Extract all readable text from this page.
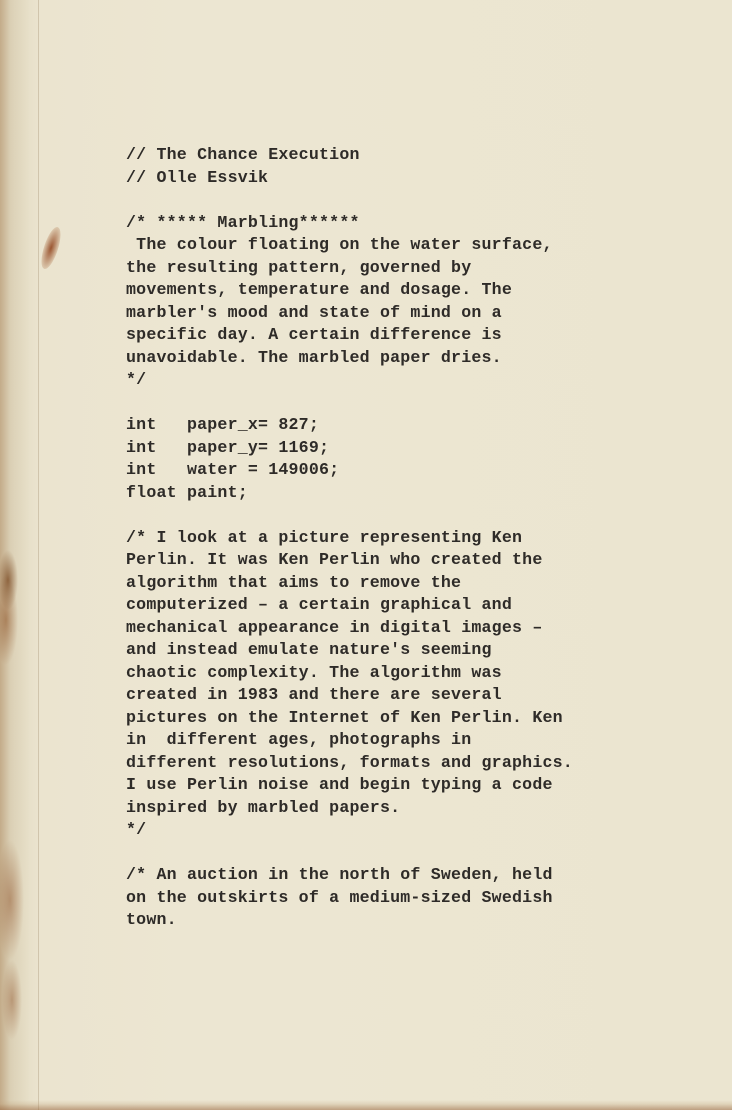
// The Chance Execution
// Olle Essvik
/* ***** Marbling******
The colour floating on the water surface,
the resulting pattern, governed by
movements, temperature and dosage. The
marbler's mood and state of mind on a
specific day. A certain difference is
unavoidable. The marbled paper dries.
*/
int   paper_x= 827;
int   paper_y= 1169;
int   water = 149006;
float paint;
/* I look at a picture representing Ken
Perlin. It was Ken Perlin who created the
algorithm that aims to remove the
computerized – a certain graphical and
mechanical appearance in digital images –
and instead emulate nature's seeming
chaotic complexity. The algorithm was
created in 1983 and there are several
pictures on the Internet of Ken Perlin. Ken
in  different ages, photographs in
different resolutions, formats and graphics.
I use Perlin noise and begin typing a code
inspired by marbled papers.
*/
/* An auction in the north of Sweden, held
on the outskirts of a medium-sized Swedish
town.
